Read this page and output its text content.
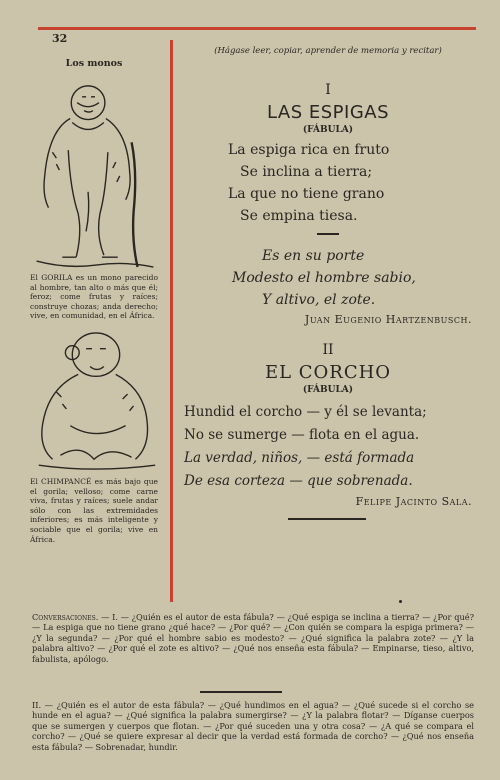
32
(Hágase leer, copiar, aprender de memoria y recitar)
Los monos
El GORILA es un mono parecido al hombre, tan alto o más que él; feroz; come frutas y raíces; construye chozas; anda derecho; vive, en comunidad, en el África.
El CHIMPANCÉ es más bajo que el gorila; velloso; come carne viva, frutas y raíces; suele andar sólo con las extremidades inferiores; es más inteligente y sociable que el gorila; vive en África.
I
LAS ESPIGAS
(FÁBULA)
La espiga rica en fruto
Se inclina a tierra;
La que no tiene grano
Se empina tiesa.
Es en su porte
Modesto el hombre sabio,
Y altivo, el zote.
Juan Eugenio Hartzenbusch.
II
EL CORCHO
(FÁBULA)
Hundid el corcho — y él se levanta;
No se sumerge — flota en el agua.
La verdad, niños, — está formada
De esa corteza — que sobrenada.
Felipe Jacinto Sala.
Conversaciones. — I. — ¿Quién es el autor de esta fábula? — ¿Qué espiga se inclina a tierra? — ¿Por qué? — La espiga que no tiene grano ¿qué hace? — ¿Por qué? — ¿Con quién se compara la espiga primera? — ¿Y la segunda? — ¿Por qué el hombre sabio es modesto? — ¿Qué significa la palabra zote? — ¿Y la palabra altivo? — ¿Por qué el zote es altivo? — ¿Qué nos enseña esta fábula? — Empinarse, tieso, altivo, fabulista, apólogo.
II. — ¿Quién es el autor de esta fábula? — ¿Qué hundimos en el agua? — ¿Qué sucede si el corcho se hunde en el agua? — ¿Qué significa la palabra sumergirse? — ¿Y la palabra flotar? — Díganse cuerpos que se sumergen y cuerpos que flotan. — ¿Por qué suceden una y otra cosa? — ¿A qué se compara el corcho? — ¿Qué se quiere expresar al decir que la verdad está formada de corcho? — ¿Qué nos enseña esta fábula? — Sobrenadar, hundir.
